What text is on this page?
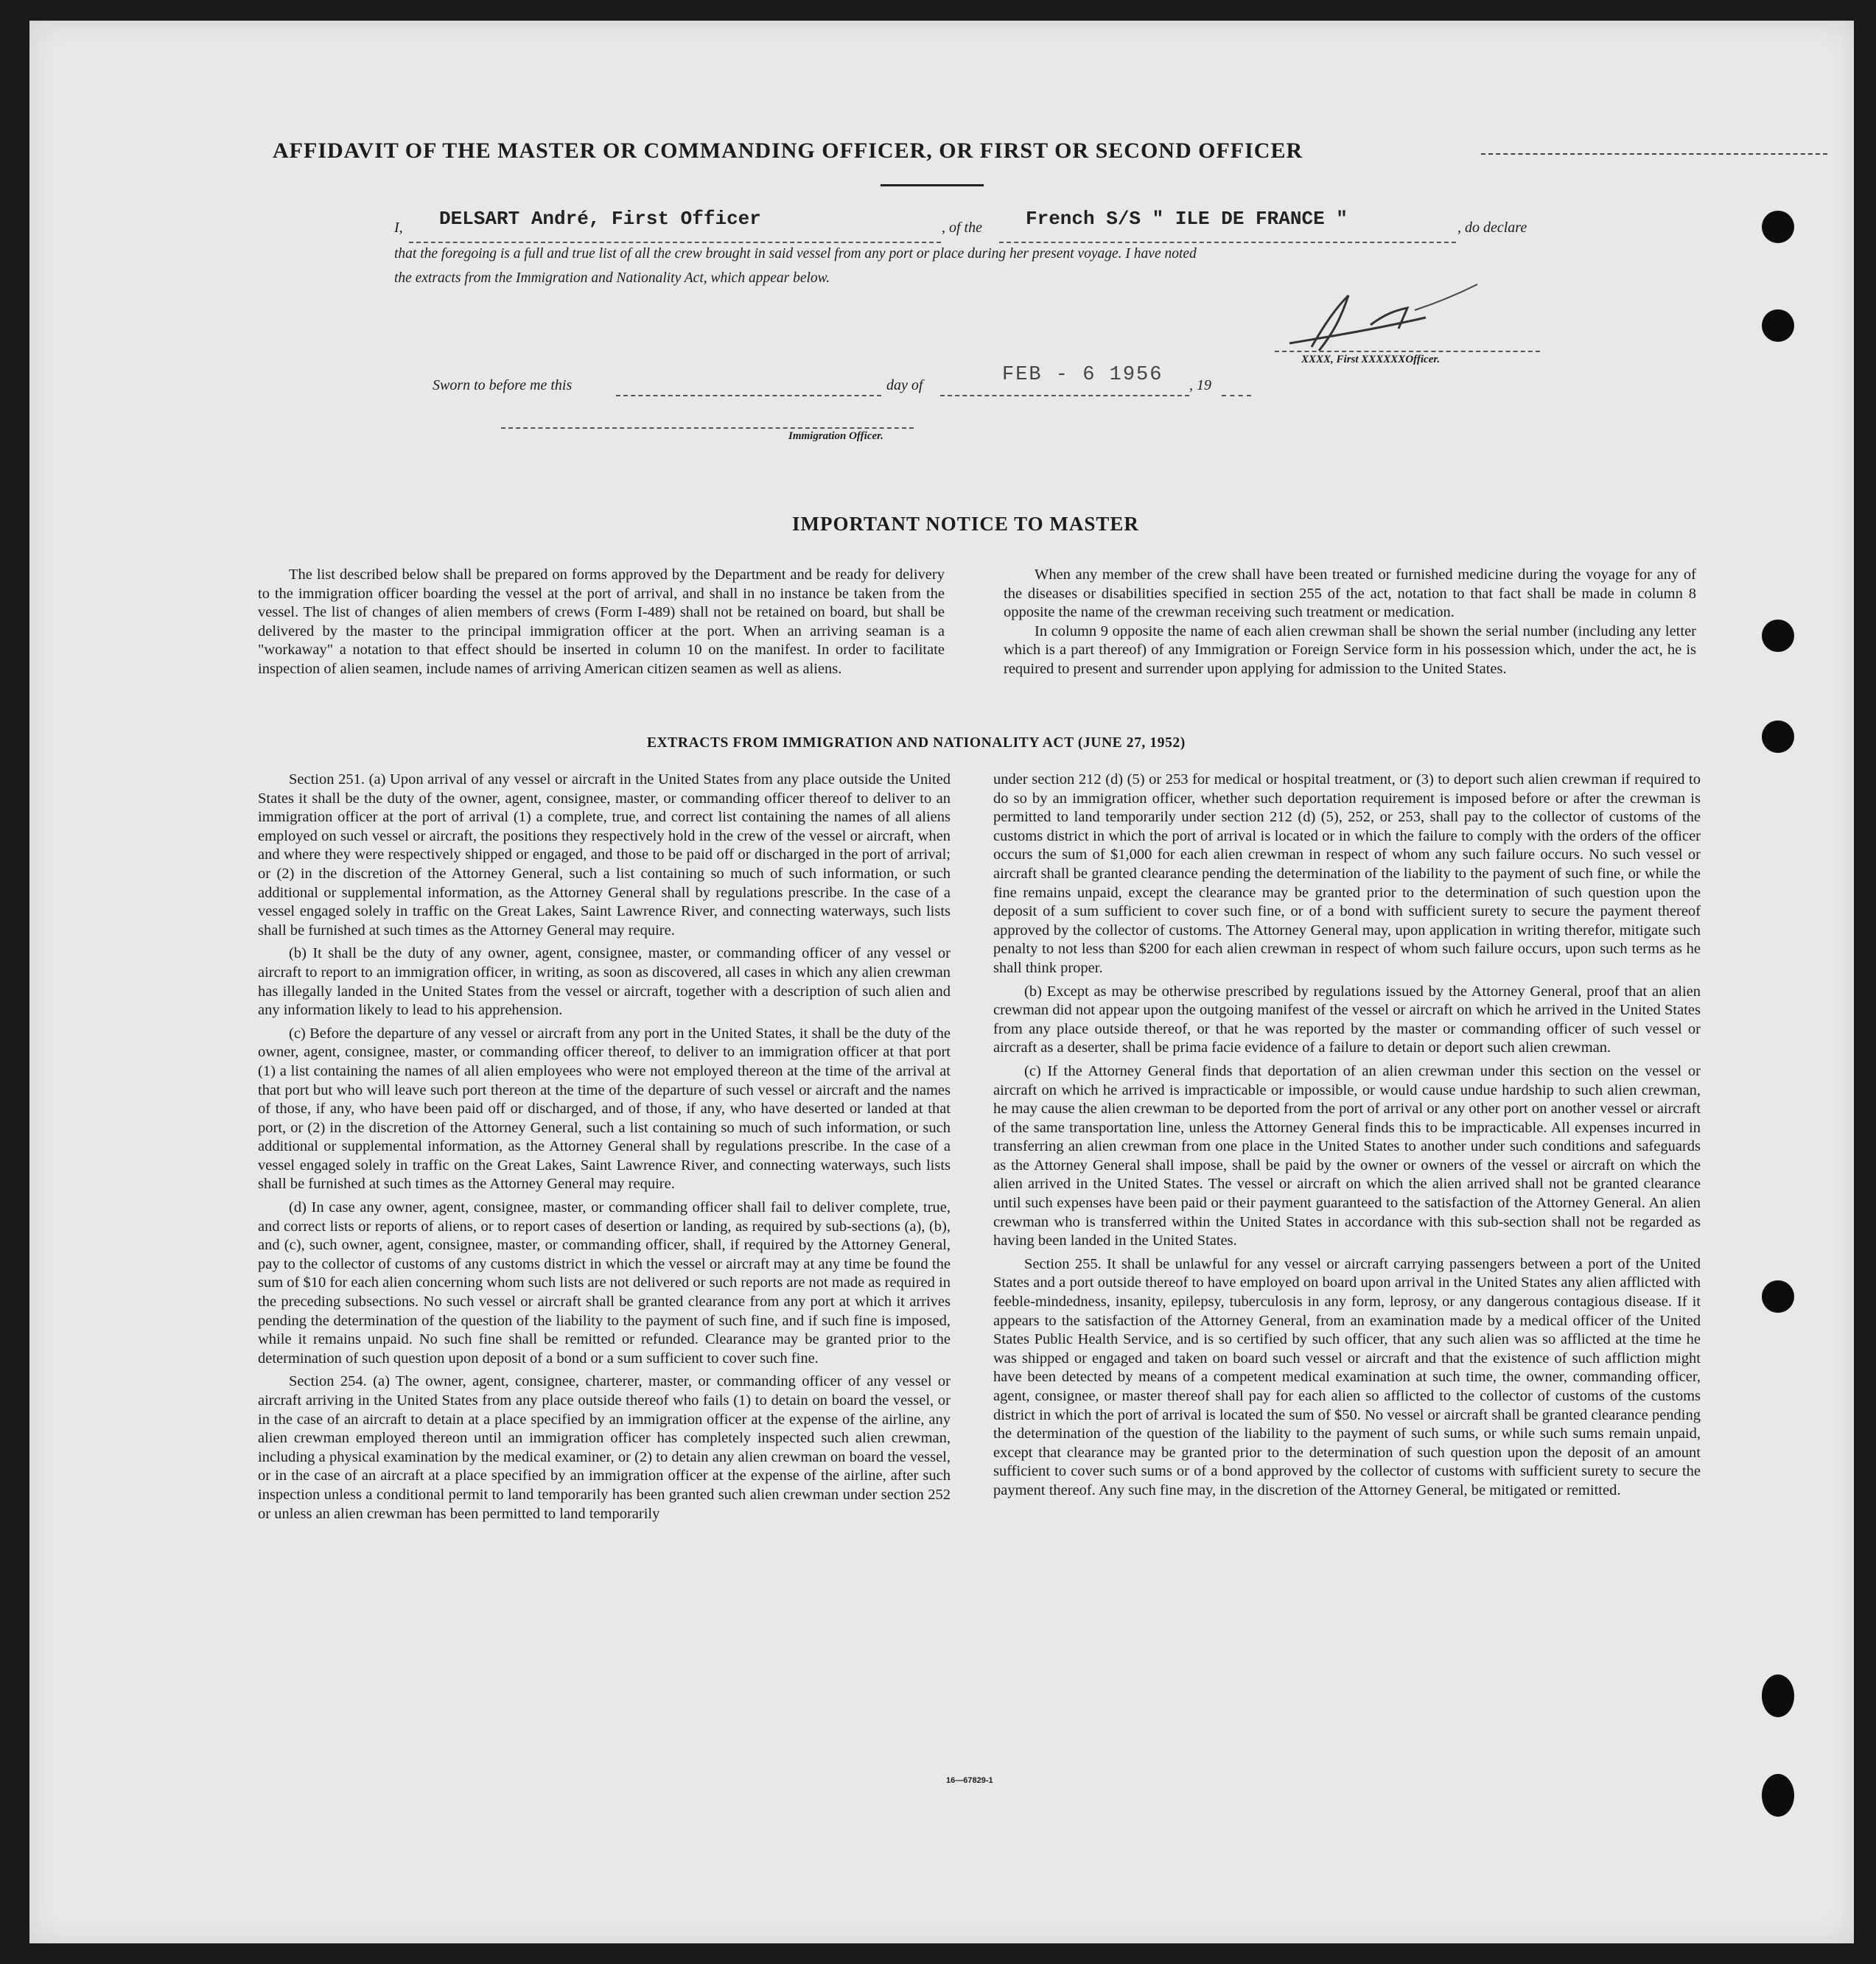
AFFIDAVIT OF THE MASTER OR COMMANDING OFFICER, OR FIRST OR SECOND OFFICER
I, DELSART André, First Officer	, of the French S/S " ILE DE FRANCE "	, do declare
that the foregoing is a full and true list of all the crew brought in said vessel from any port or place during her present voyage. I have noted
the extracts from the Immigration and Nationality Act, which appear below.
XXXX, First XXXXXXOfficer.
Sworn to before me this	day of	FEB - 6 1956 , 19
Immigration Officer.
IMPORTANT NOTICE TO MASTER

The list described below shall be prepared on forms approved by the Department and be ready for delivery to the immigration officer boarding the vessel at the port of arrival, and shall in no instance be taken from the vessel. The list of changes of alien members of crews (Form I-489) shall not be retained on board, but shall be delivered by the master to the principal immigration officer at the port. When an arriving seaman is a "workaway" a notation to that effect should be inserted in column 10 on the manifest. In order to facilitate inspection of alien seamen, include names of arriving American citizen seamen as well as aliens.

When any member of the crew shall have been treated or furnished medicine during the voyage for any of the diseases or disabilities specified in section 255 of the act, notation to that fact shall be made in column 8 opposite the name of the crewman receiving such treatment or medication.

In column 9 opposite the name of each alien crewman shall be shown the serial number (including any letter which is a part thereof) of any Immigration or Foreign Service form in his possession which, under the act, he is required to present and surrender upon applying for admission to the United States.

EXTRACTS FROM IMMIGRATION AND NATIONALITY ACT (JUNE 27, 1952)

Section 251. (a) Upon arrival of any vessel or aircraft in the United States from any place outside the United States it shall be the duty of the owner, agent, consignee, master, or commanding officer thereof to deliver to an immigration officer at the port of arrival (1) a complete, true, and correct list containing the names of all aliens employed on such vessel or aircraft, the positions they respectively hold in the crew of the vessel or aircraft, when and where they were respectively shipped or engaged, and those to be paid off or discharged in the port of arrival; or (2) in the discretion of the Attorney General, such a list containing so much of such information, or such additional or supplemental information, as the Attorney General shall by regulations prescribe. In the case of a vessel engaged solely in traffic on the Great Lakes, Saint Lawrence River, and connecting waterways, such lists shall be furnished at such times as the Attorney General may require.

(b) It shall be the duty of any owner, agent, consignee, master, or commanding officer of any vessel or aircraft to report to an immigration officer, in writing, as soon as discovered, all cases in which any alien crewman has illegally landed in the United States from the vessel or aircraft, together with a description of such alien and any information likely to lead to his apprehension.

(c) Before the departure of any vessel or aircraft from any port in the United States, it shall be the duty of the owner, agent, consignee, master, or commanding officer thereof, to deliver to an immigration officer at that port (1) a list containing the names of all alien employees who were not employed thereon at the time of the arrival at that port but who will leave such port thereon at the time of the departure of such vessel or aircraft and the names of those, if any, who have been paid off or discharged, and of those, if any, who have deserted or landed at that port, or (2) in the discretion of the Attorney General, such a list containing so much of such information, or such additional or supplemental information, as the Attorney General shall by regulations prescribe. In the case of a vessel engaged solely in traffic on the Great Lakes, Saint Lawrence River, and connecting waterways, such lists shall be furnished at such times as the Attorney General may require.

(d) In case any owner, agent, consignee, master, or commanding officer shall fail to deliver complete, true, and correct lists or reports of aliens, or to report cases of desertion or landing, as required by sub-sections (a), (b), and (c), such owner, agent, consignee, master, or commanding officer, shall, if required by the Attorney General, pay to the collector of customs of any customs district in which the vessel or aircraft may at any time be found the sum of $10 for each alien concerning whom such lists are not delivered or such reports are not made as required in the preceding subsections. No such vessel or aircraft shall be granted clearance from any port at which it arrives pending the determination of the question of the liability to the payment of such fine, and if such fine is imposed, while it remains unpaid. No such fine shall be remitted or refunded. Clearance may be granted prior to the determination of such question upon deposit of a bond or a sum sufficient to cover such fine.

Section 254. (a) The owner, agent, consignee, charterer, master, or commanding officer of any vessel or aircraft arriving in the United States from any place outside thereof who fails (1) to detain on board the vessel, or in the case of an aircraft to detain at a place specified by an immigration officer at the expense of the airline, any alien crewman employed thereon until an immigration officer has completely inspected such alien crewman, including a physical examination by the medical examiner, or (2) to detain any alien crewman on board the vessel, or in the case of an aircraft at a place specified by an immigration officer at the expense of the airline, after such inspection unless a conditional permit to land temporarily has been granted such alien crewman under section 252 or unless an alien crewman has been permitted to land temporarily

under section 212 (d) (5) or 253 for medical or hospital treatment, or (3) to deport such alien crewman if required to do so by an immigration officer, whether such deportation requirement is imposed before or after the crewman is permitted to land temporarily under section 212 (d) (5), 252, or 253, shall pay to the collector of customs of the customs district in which the port of arrival is located or in which the failure to comply with the orders of the officer occurs the sum of $1,000 for each alien crewman in respect of whom any such failure occurs. No such vessel or aircraft shall be granted clearance pending the determination of the liability to the payment of such fine, or while the fine remains unpaid, except the clearance may be granted prior to the determination of such question upon the deposit of a sum sufficient to cover such fine, or of a bond with sufficient surety to secure the payment thereof approved by the collector of customs. The Attorney General may, upon application in writing therefor, mitigate such penalty to not less than $200 for each alien crewman in respect of whom such failure occurs, upon such terms as he shall think proper.

(b) Except as may be otherwise prescribed by regulations issued by the Attorney General, proof that an alien crewman did not appear upon the outgoing manifest of the vessel or aircraft on which he arrived in the United States from any place outside thereof, or that he was reported by the master or commanding officer of such vessel or aircraft as a deserter, shall be prima facie evidence of a failure to detain or deport such alien crewman.

(c) If the Attorney General finds that deportation of an alien crewman under this section on the vessel or aircraft on which he arrived is impracticable or impossible, or would cause undue hardship to such alien crewman, he may cause the alien crewman to be deported from the port of arrival or any other port on another vessel or aircraft of the same transportation line, unless the Attorney General finds this to be impracticable. All expenses incurred in transferring an alien crewman from one place in the United States to another under such conditions and safeguards as the Attorney General shall impose, shall be paid by the owner or owners of the vessel or aircraft on which the alien arrived in the United States. The vessel or aircraft on which the alien arrived shall not be granted clearance until such expenses have been paid or their payment guaranteed to the satisfaction of the Attorney General. An alien crewman who is transferred within the United States in accordance with this sub-section shall not be regarded as having been landed in the United States.

Section 255. It shall be unlawful for any vessel or aircraft carrying passengers between a port of the United States and a port outside thereof to have employed on board upon arrival in the United States any alien afflicted with feeble-mindedness, insanity, epilepsy, tuberculosis in any form, leprosy, or any dangerous contagious disease. If it appears to the satisfaction of the Attorney General, from an examination made by a medical officer of the United States Public Health Service, and is so certified by such officer, that any such alien was so afflicted at the time he was shipped or engaged and taken on board such vessel or aircraft and that the existence of such affliction might have been detected by means of a competent medical examination at such time, the owner, commanding officer, agent, consignee, or master thereof shall pay for each alien so afflicted to the collector of customs of the customs district in which the port of arrival is located the sum of $50. No vessel or aircraft shall be granted clearance pending the determination of the question of the liability to the payment of such sums, or while such sums remain unpaid, except that clearance may be granted prior to the determination of such question upon the deposit of an amount sufficient to cover such sums or of a bond approved by the collector of customs with sufficient surety to secure the payment thereof. Any such fine may, in the discretion of the Attorney General, be mitigated or remitted.

16—67829-1
